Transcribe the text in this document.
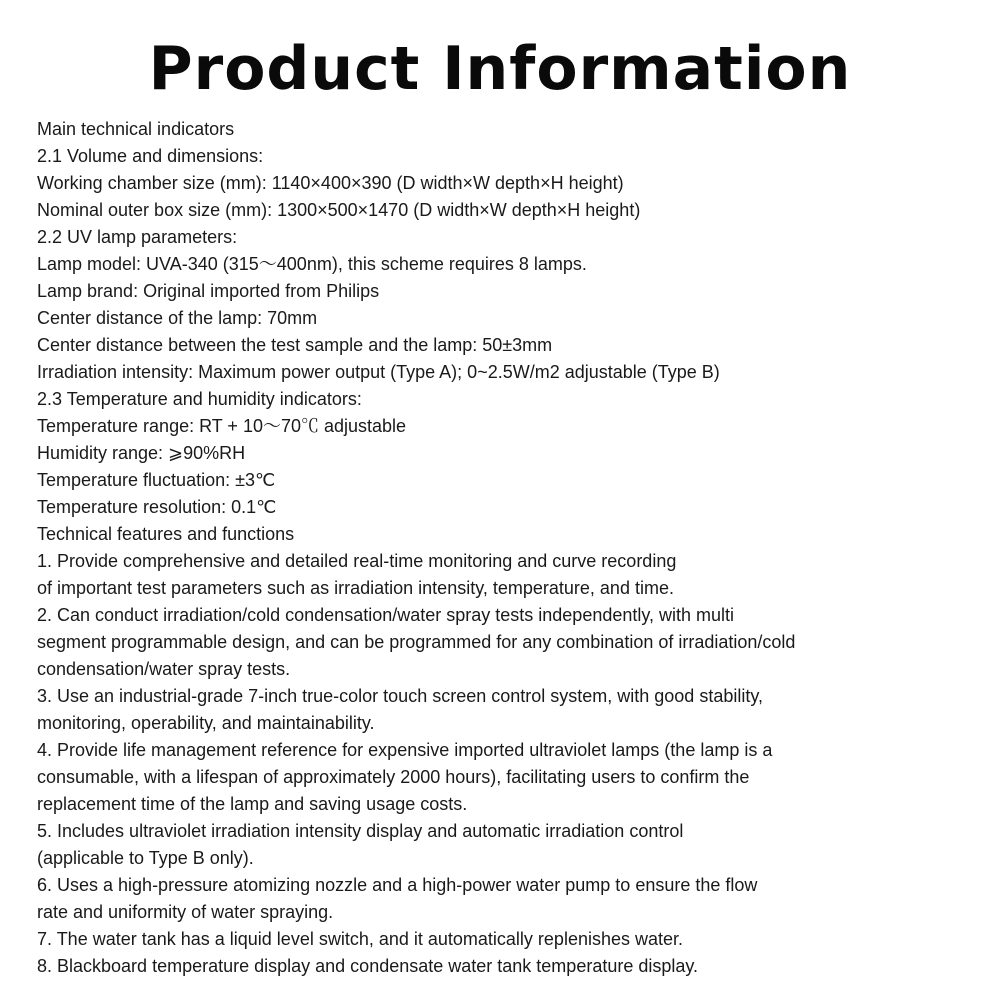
Product Information
Main technical indicators
2.1 Volume and dimensions:
Working chamber size (mm): 1140×400×390 (D width×W depth×H height)
Nominal outer box size (mm): 1300×500×1470 (D width×W depth×H height)
2.2 UV lamp parameters:
Lamp model: UVA-340 (315～400nm), this scheme requires 8 lamps.
Lamp brand: Original imported from Philips
Center distance of the lamp: 70mm
Center distance between the test sample and the lamp: 50±3mm
Irradiation intensity: Maximum power output (Type A); 0~2.5W/m2 adjustable (Type B)
2.3 Temperature and humidity indicators:
Temperature range: RT + 10～70℃ adjustable
Humidity range: ⩾90%RH
Temperature fluctuation: ±3℃
Temperature resolution: 0.1℃
Technical features and functions
1. Provide comprehensive and detailed real-time monitoring and curve recording
of important test parameters such as irradiation intensity, temperature, and time.
2. Can conduct irradiation/cold condensation/water spray tests independently, with multi
segment programmable design, and can be programmed for any combination of irradiation/cold
condensation/water spray tests.
3. Use an industrial-grade 7-inch true-color touch screen control system, with good stability,
monitoring, operability, and maintainability.
4. Provide life management reference for expensive imported ultraviolet lamps (the lamp is a
consumable, with a lifespan of approximately 2000 hours), facilitating users to confirm the
replacement time of the lamp and saving usage costs.
5. Includes ultraviolet irradiation intensity display and automatic irradiation control
(applicable to Type B only).
6. Uses a high-pressure atomizing nozzle and a high-power water pump to ensure the flow
rate and uniformity of water spraying.
7. The water tank has a liquid level switch, and it automatically replenishes water.
8. Blackboard temperature display and condensate water tank temperature display.
